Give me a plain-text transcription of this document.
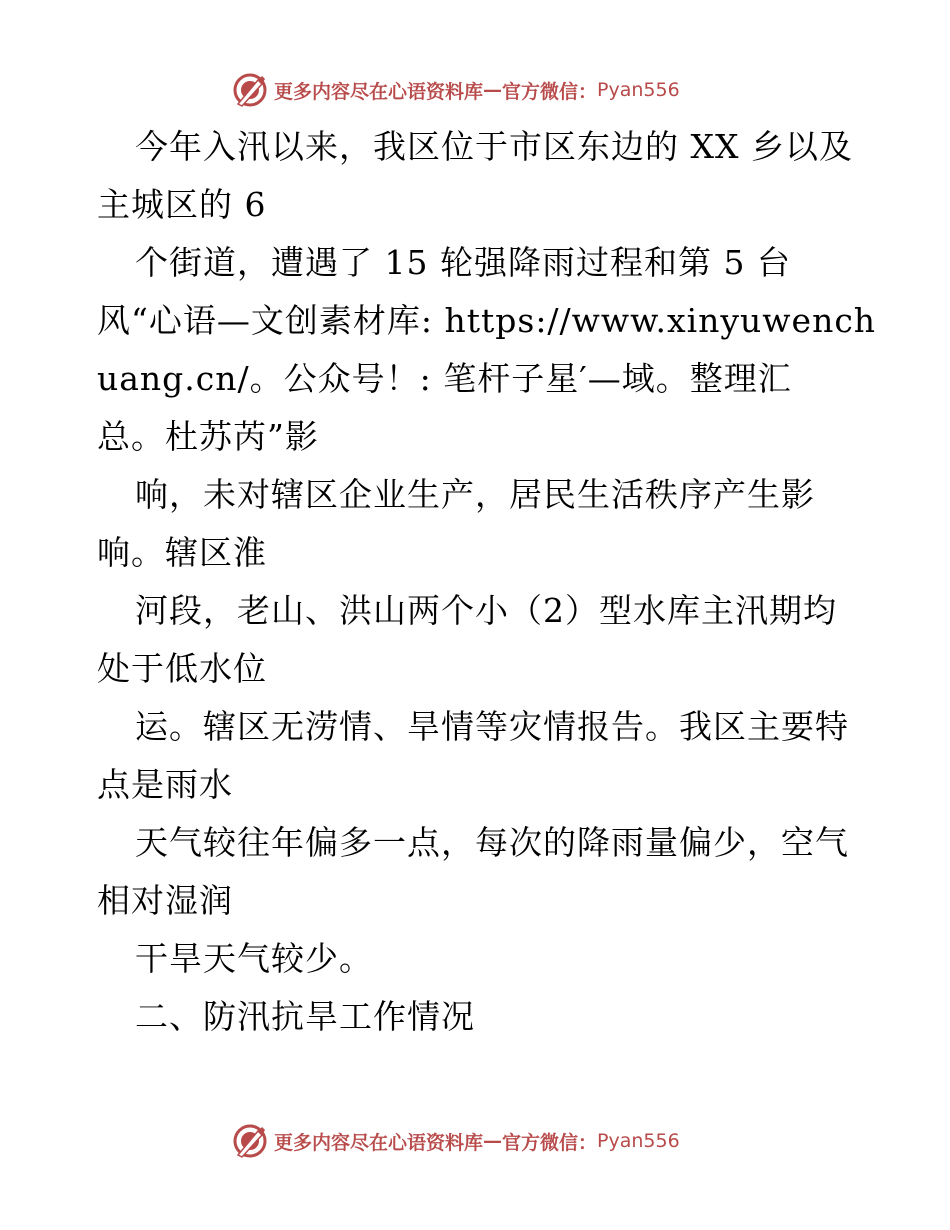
更多内容尽在心语资料库 — 官方微信： Pyan556
今年入汛以来，我区位于市区东边的 XX 乡以及
主城区的 6
个街道，遭遇了 15 轮强降雨过程和第 5 台
风“心语—文创素材库: https://www.xinyuwench
uang.cn/。公众号！: 笔杆子星′—域。整理汇
总。杜苏芮”影
响，未对辖区企业生产，居民生活秩序产生影
响。辖区淮
河段，老山、洪山两个小（2）型水库主汛期均
处于低水位
运。辖区无涝情、旱情等灾情报告。我区主要特
点是雨水
天气较往年偏多一点，每次的降雨量偏少，空气
相对湿润
干旱天气较少。
二、防汛抗旱工作情况
更多内容尽在心语资料库 — 官方微信： Pyan556
